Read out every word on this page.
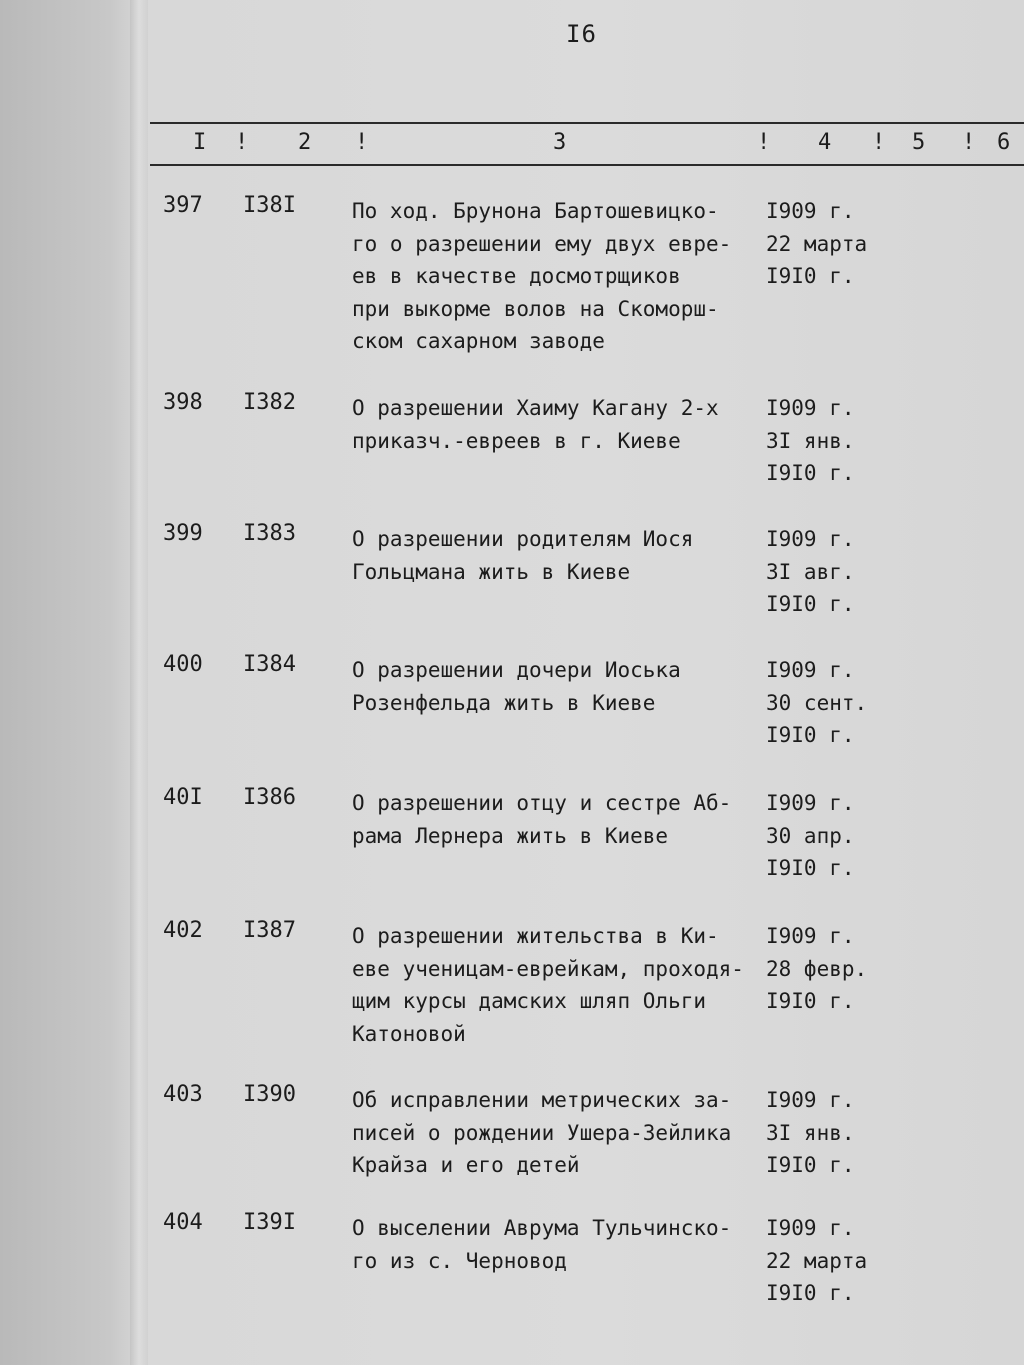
I6
I ! 2 !	3	! 4 ! 5 ! 6
397 I38I	По ход. Брунона Бартошевицко-
го о разрешении ему двух евре-
ев в качестве досмотрщиков
при выкорме волов на Скоморш-
ском сахарном заводе
I909 г.
22 марта
I9I0 г.
398 I382	О разрешении Хаиму Кагану 2-х
приказч.-евреев в г. Киеве
I909 г.
3I янв.
I9I0 г.
399 I383	О разрешении родителям Иося
Гольцмана жить в Киеве
I909 г.
3I авг.
I9I0 г.
400 I384	О разрешении дочери Иоська
Розенфельда жить в Киеве
I909 г.
30 сент.
I9I0 г.
40I I386	О разрешении отцу и сестре Аб-
рама Лернера жить в Киеве
I909 г.
30 апр.
I9I0 г.
402 I387	О разрешении жительства в Ки-
еве ученицам-еврейкам, проходя-
щим курсы дамских шляп Ольги
Катоновой
I909 г.
28 февр.
I9I0 г.
403 I390	Об исправлении метрических за-
писей о рождении Ушера-Зейлика
Крайза и его детей
I909 г.
3I янв.
I9I0 г.
404 I39I	О выселении Аврума Тульчинско-
го из с. Черновод
I909 г.
22 марта
I9I0 г.
